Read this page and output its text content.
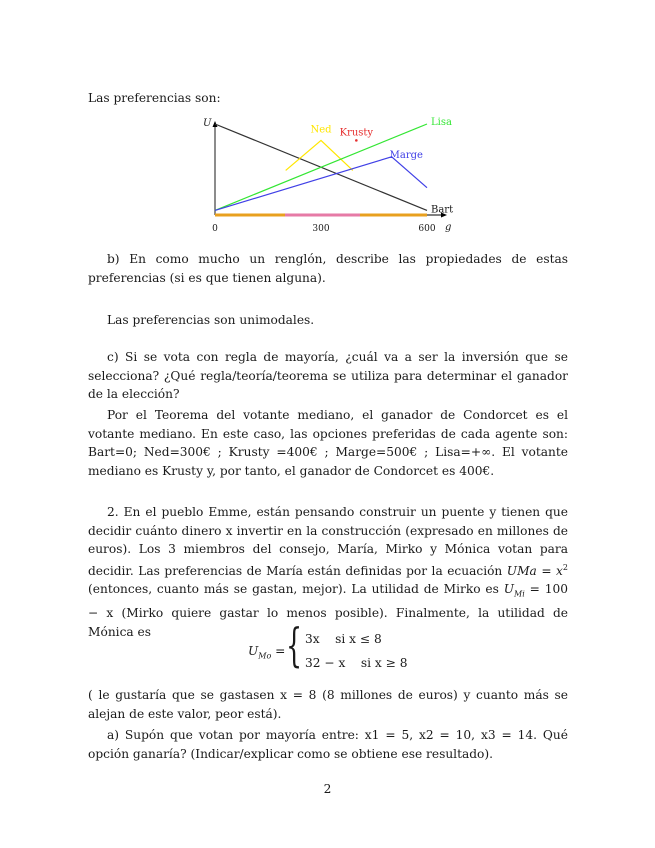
Las preferencias son:
Bart
Ned Krusty
Lisa
Marge
0	300	600 g
U
b) En como mucho un renglón, describe las propiedades de estas preferencias (si es que tienen alguna).
Las preferencias son unimodales.
c) Si se vota con regla de mayoría, ¿cuál va a ser la inversión que se selecciona? ¿Qué regla/teoría/teorema se utiliza para determinar el ganador de la elección?
Por el Teorema del votante mediano, el ganador de Condorcet es el votante mediano. En este caso, las opciones preferidas de cada agente son: Bart=0; Ned=300€ ; Krusty =400€ ; Marge=500€ ; Lisa=+∞. El votante mediano es Krusty y, por tanto, el ganador de Condorcet es 400€.
2. En el pueblo Emme, están pensando construir un puente y tienen que decidir cuánto dinero x invertir en la construcción (expresado en millones de euros). Los 3 miembros del consejo, María, Mirko y Mónica votan para decidir. Las preferencias de María están definidas por la ecuación UMa = $x^2$ (entonces, cuanto más se gastan, mejor). La utilidad de Mirko es $U_{Mi} = 100 - x$ (Mirko quiere gastar lo menos posible). Finalmente, la utilidad de Mónica es
$U_{Mo}$ = { 3x    si x ≤ 8
32 − x    si x ≥ 8
( le gustaría que se gastasen x = 8 (8 millones de euros) y cuanto más se alejan de este valor, peor está).
a) Supón que votan por mayoría entre: x1 = 5, x2 = 10, x3 = 14. Qué opción ganaría? (Indicar/explicar como se obtiene ese resultado).
2
